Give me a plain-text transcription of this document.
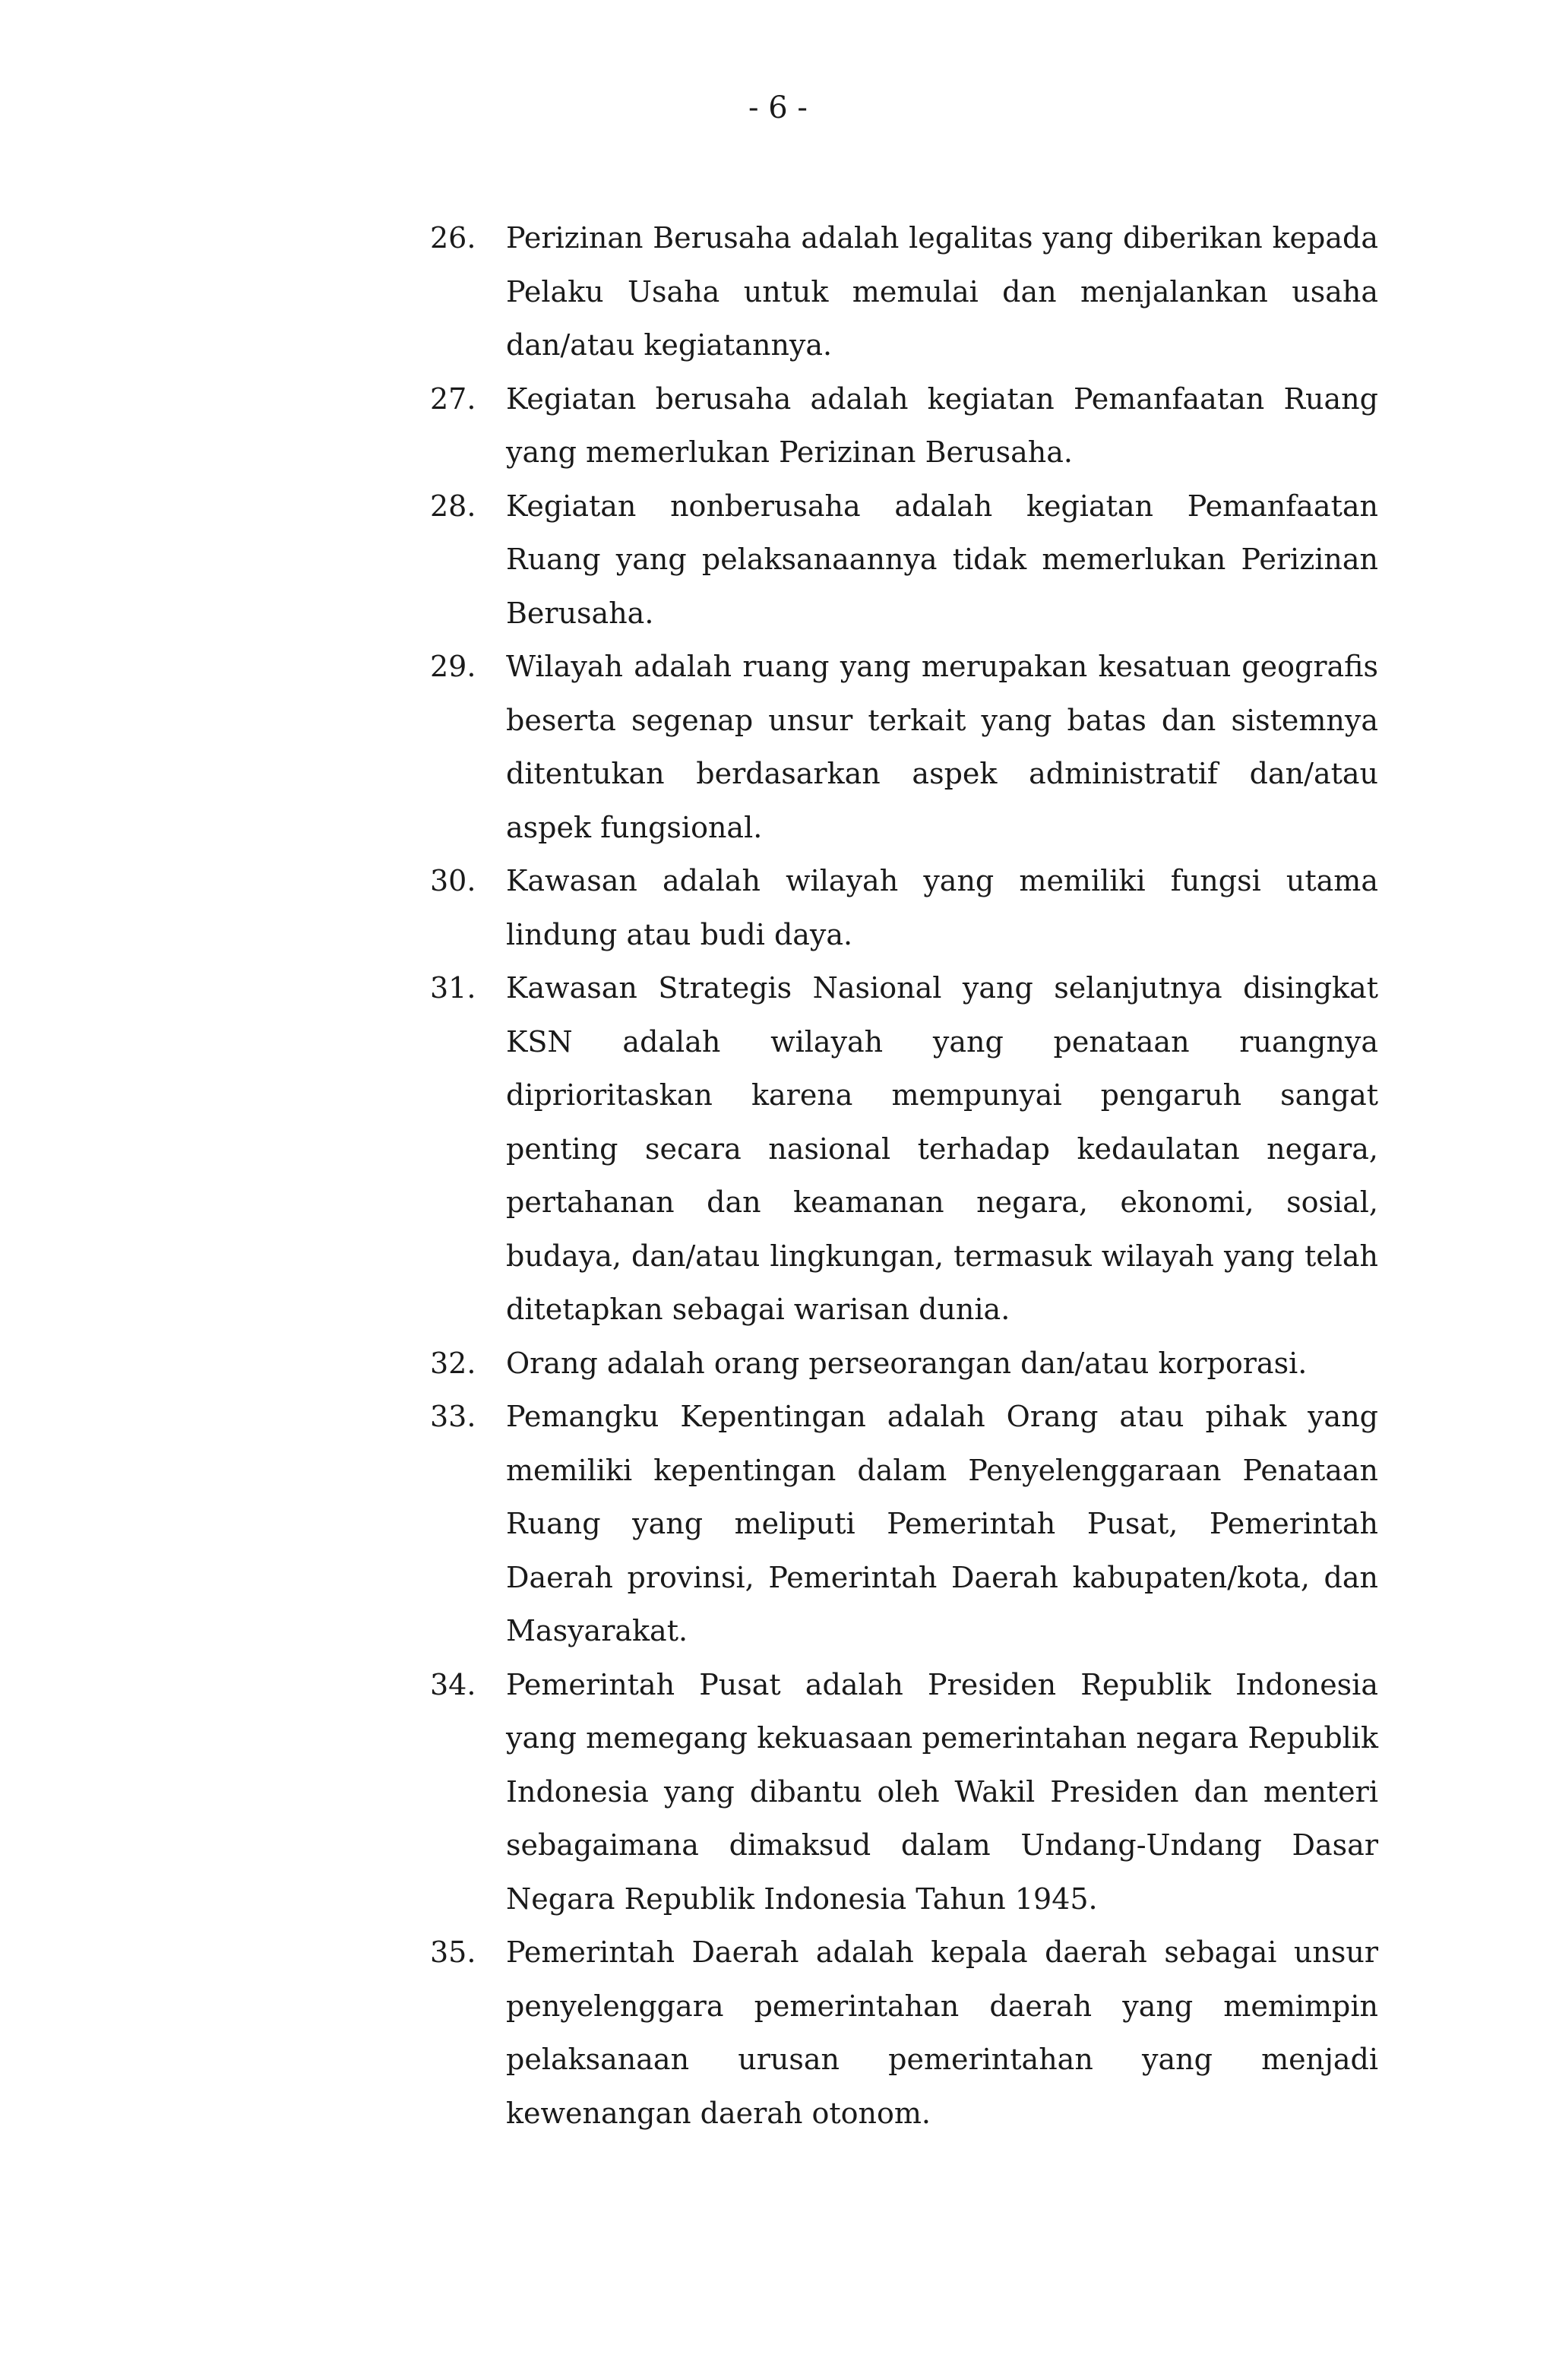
- 6 -
26. Perizinan Berusaha adalah legalitas yang diberikan kepada Pelaku Usaha untuk memulai dan menjalankan usaha dan/atau kegiatannya.
27. Kegiatan berusaha adalah kegiatan Pemanfaatan Ruang yang memerlukan Perizinan Berusaha.
28. Kegiatan nonberusaha adalah kegiatan Pemanfaatan Ruang yang pelaksanaannya tidak memerlukan Perizinan Berusaha.
29. Wilayah adalah ruang yang merupakan kesatuan geografis beserta segenap unsur terkait yang batas dan sistemnya ditentukan berdasarkan aspek administratif dan/atau aspek fungsional.
30. Kawasan adalah wilayah yang memiliki fungsi utama lindung atau budi daya.
31. Kawasan Strategis Nasional yang selanjutnya disingkat KSN adalah wilayah yang penataan ruangnya diprioritaskan karena mempunyai pengaruh sangat penting secara nasional terhadap kedaulatan negara, pertahanan dan keamanan negara, ekonomi, sosial, budaya, dan/atau lingkungan, termasuk wilayah yang telah ditetapkan sebagai warisan dunia.
32. Orang adalah orang perseorangan dan/atau korporasi.
33. Pemangku Kepentingan adalah Orang atau pihak yang memiliki kepentingan dalam Penyelenggaraan Penataan Ruang yang meliputi Pemerintah Pusat, Pemerintah Daerah provinsi, Pemerintah Daerah kabupaten/kota, dan Masyarakat.
34. Pemerintah Pusat adalah Presiden Republik Indonesia yang memegang kekuasaan pemerintahan negara Republik Indonesia yang dibantu oleh Wakil Presiden dan menteri sebagaimana dimaksud dalam Undang-Undang Dasar Negara Republik Indonesia Tahun 1945.
35. Pemerintah Daerah adalah kepala daerah sebagai unsur penyelenggara pemerintahan daerah yang memimpin pelaksanaan urusan pemerintahan yang menjadi kewenangan daerah otonom.
